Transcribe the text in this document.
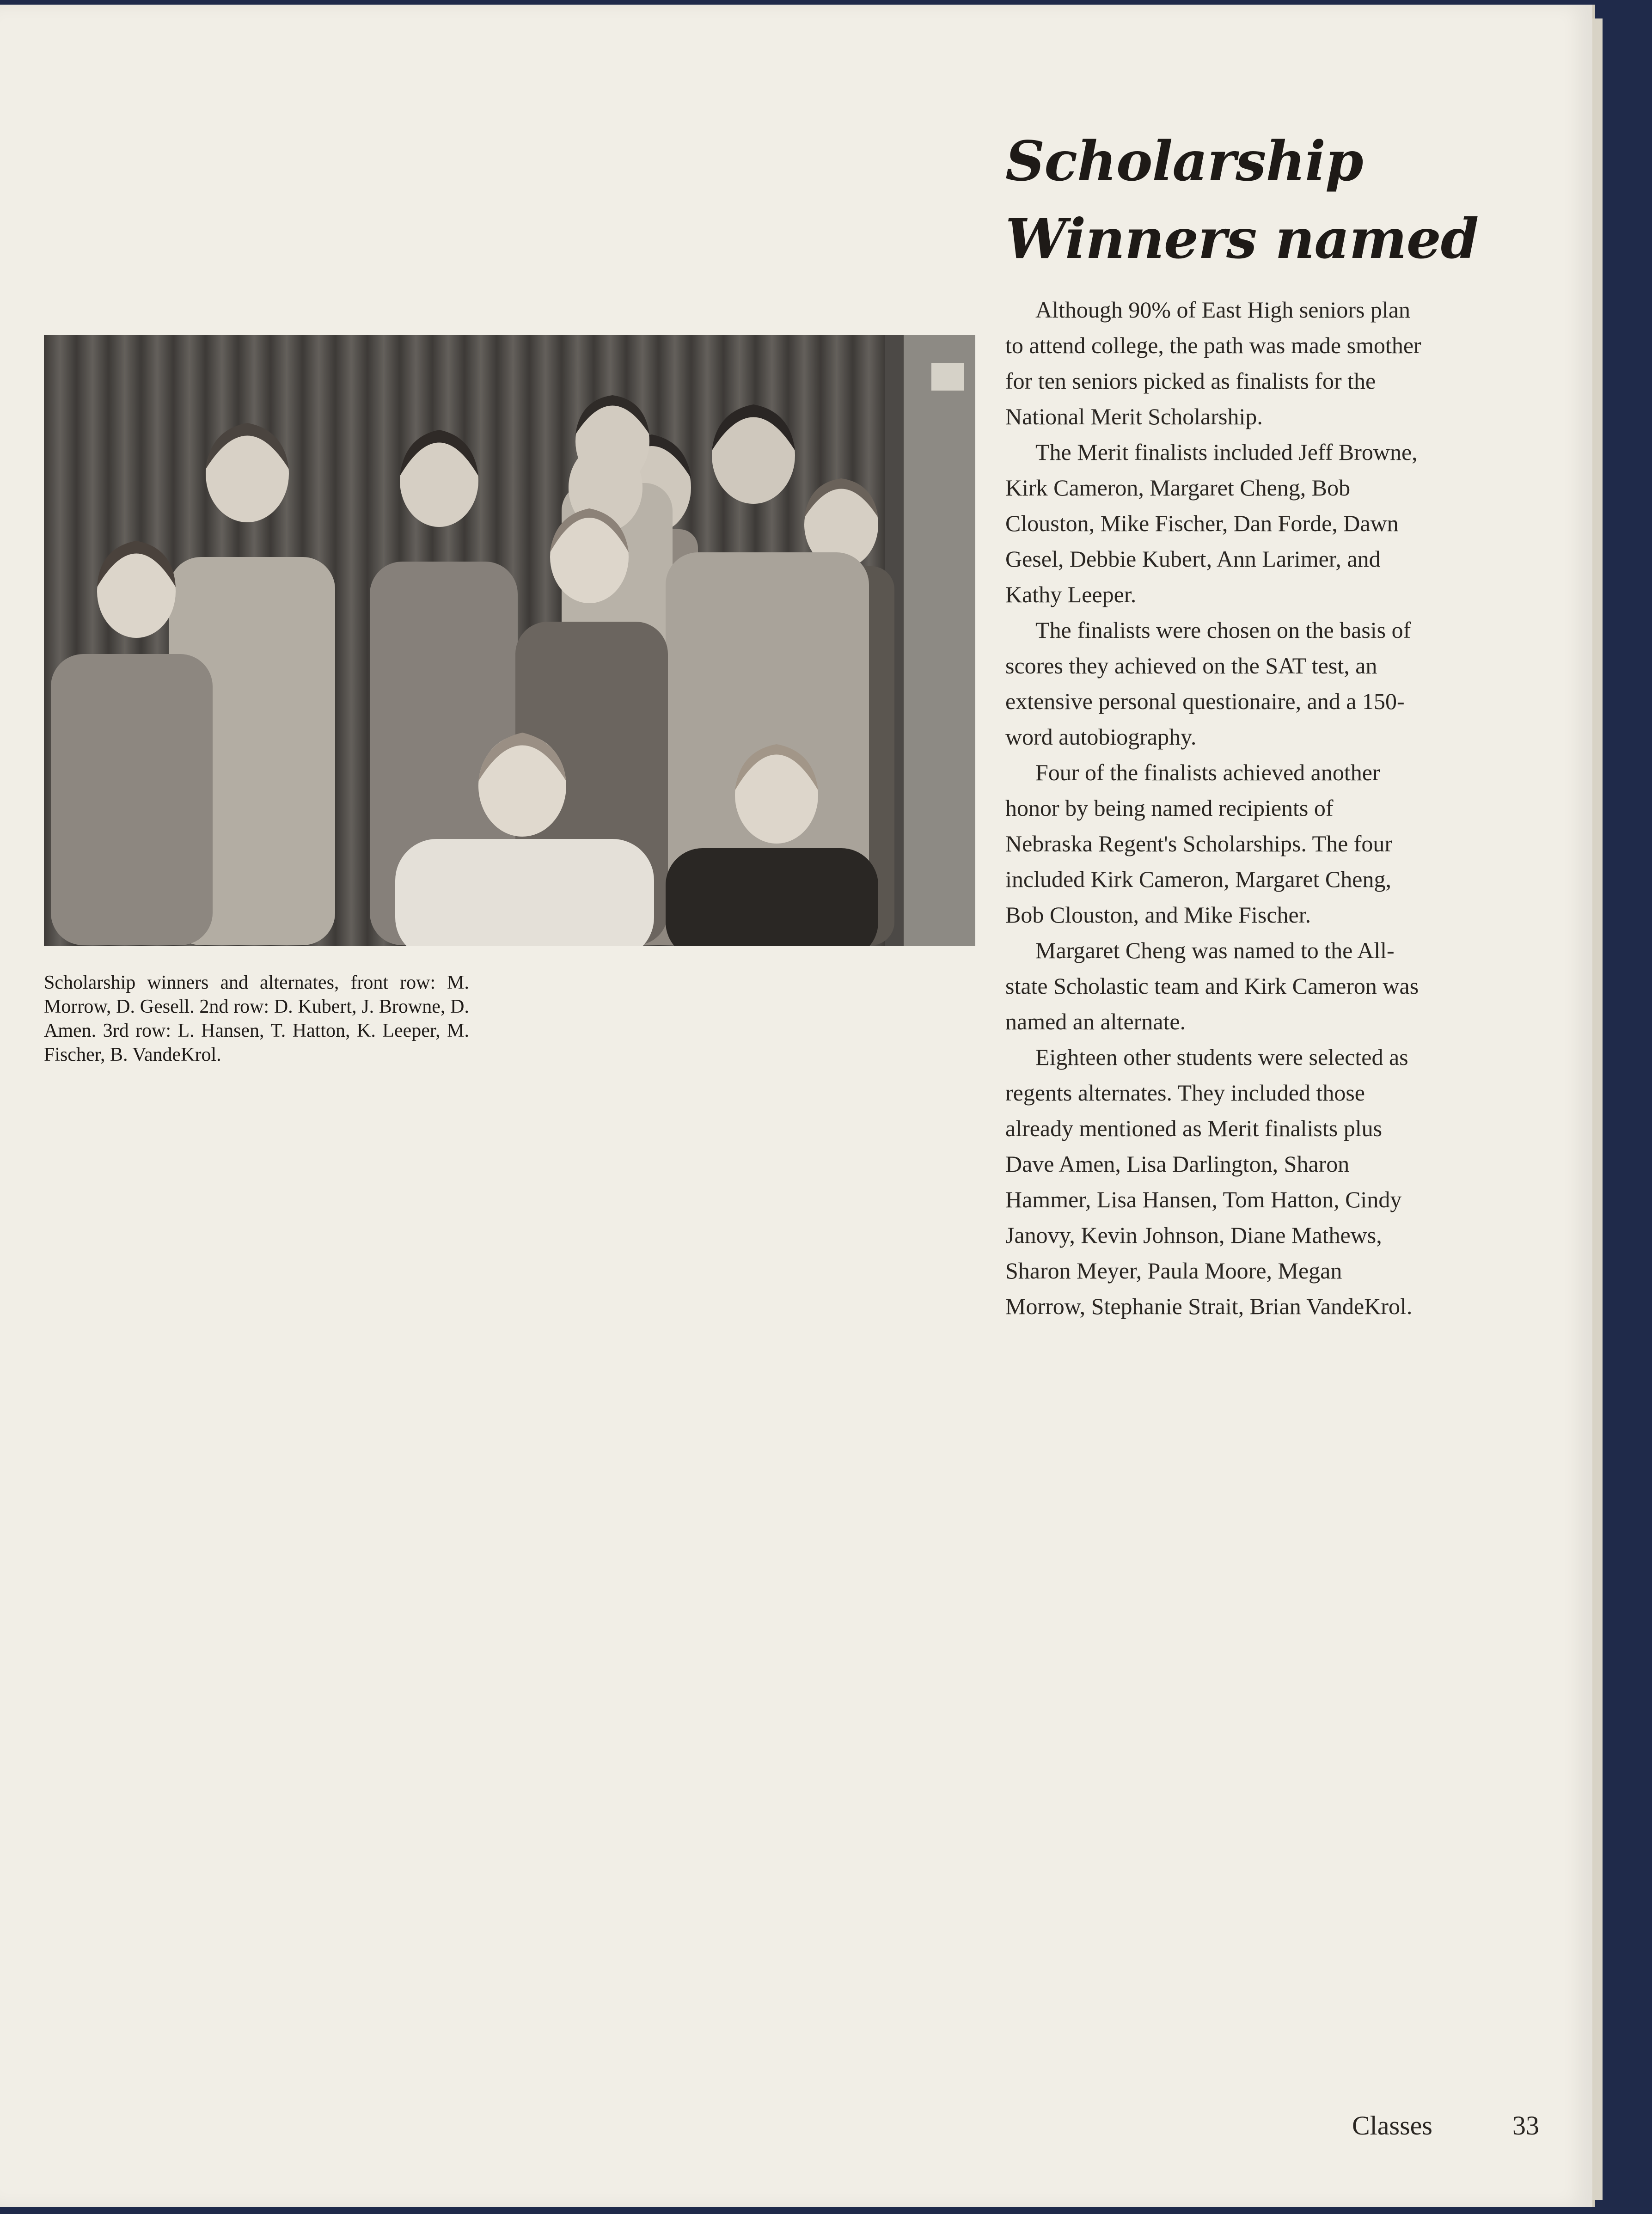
Scholarship Winners named

Although 90% of East High seniors plan to attend college, the path was made smother for ten seniors picked as finalists for the National Merit Scholarship.

The Merit finalists included Jeff Browne, Kirk Cameron, Margaret Cheng, Bob Clouston, Mike Fischer, Dan Forde, Dawn Gesel, Debbie Kubert, Ann Larimer, and Kathy Leeper.

The finalists were chosen on the basis of scores they achieved on the SAT test, an extensive personal questionaire, and a 150-word autobiography.

Four of the finalists achieved another honor by being named recipients of Nebraska Regent's Scholarships. The four included Kirk Cameron, Margaret Cheng, Bob Clouston, and Mike Fischer.

Margaret Cheng was named to the All-state Scholastic team and Kirk Cameron was named an alternate.

Eighteen other students were selected as regents alternates. They included those already mentioned as Merit finalists plus Dave Amen, Lisa Darlington, Sharon Hammer, Lisa Hansen, Tom Hatton, Cindy Janovy, Kevin Johnson, Diane Mathews, Sharon Meyer, Paula Moore, Megan Morrow, Stephanie Strait, Brian VandeKrol.

Scholarship winners and alternates, front row: M. Morrow, D. Gesell. 2nd row: D. Kubert, J. Browne, D. Amen. 3rd row: L. Hansen, T. Hatton, K. Leeper, M. Fischer, B. VandeKrol.
Classes	33
